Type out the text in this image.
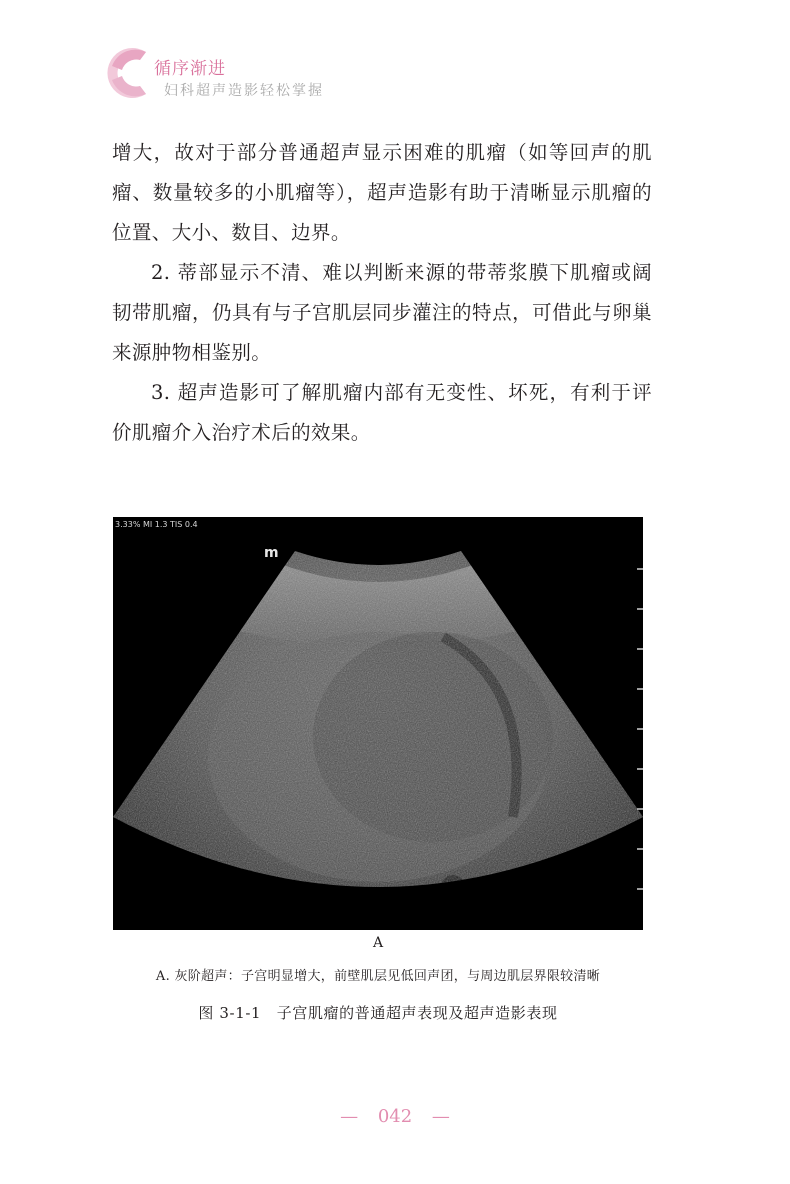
循序渐进
妇科超声造影轻松掌握

增大，故对于部分普通超声显示困难的肌瘤（如等回声的肌瘤、数量较多的小肌瘤等），超声造影有助于清晰显示肌瘤的位置、大小、数目、边界。

2. 蒂部显示不清、难以判断来源的带蒂浆膜下肌瘤或阔韧带肌瘤，仍具有与子宫肌层同步灌注的特点，可借此与卵巢来源肿物相鉴别。

3. 超声造影可了解肌瘤内部有无变性、坏死，有利于评价肌瘤介入治疗术后的效果。

3.33% MI 1.3 TIS 0.4
m
A
A. 灰阶超声：子宫明显增大，前壁肌层见低回声团，与周边肌层界限较清晰
图 3-1-1　子宫肌瘤的普通超声表现及超声造影表现
— 042 —
